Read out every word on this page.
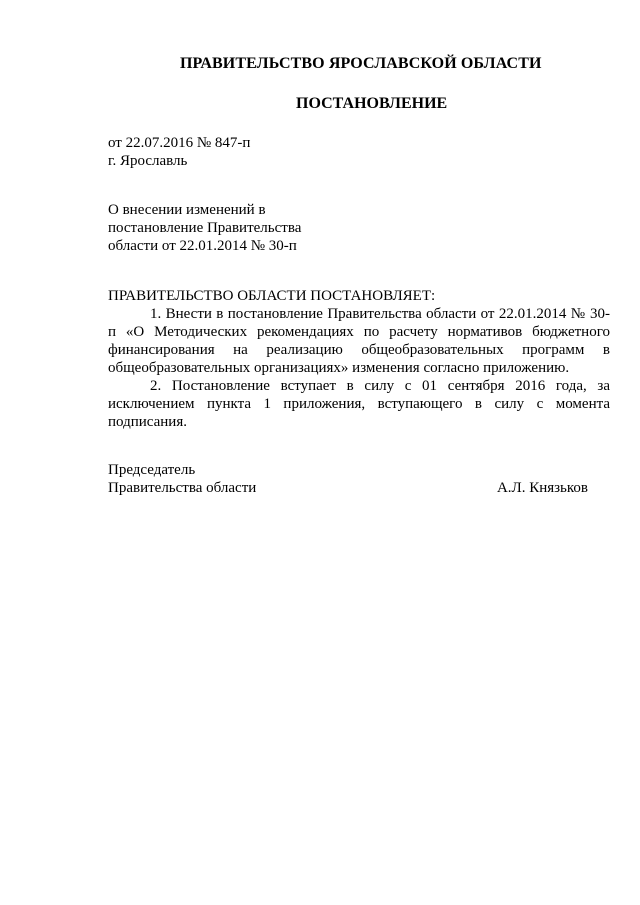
ПРАВИТЕЛЬСТВО ЯРОСЛАВСКОЙ ОБЛАСТИ
ПОСТАНОВЛЕНИЕ
от 22.07.2016 № 847-п
г. Ярославль
О внесении изменений в
постановление Правительства
области от 22.01.2014 № 30-п

ПРАВИТЕЛЬСТВО ОБЛАСТИ ПОСТАНОВЛЯЕТ:

1. Внести в постановление Правительства области от 22.01.2014 № 30-п «О Методических рекомендациях по расчету нормативов бюджетного финансирования на реализацию общеобразовательных программ в общеобразовательных организациях» изменения согласно приложению.

2. Постановление вступает в силу с 01 сентября 2016 года, за исключением пункта 1 приложения, вступающего в силу с момента подписания.

Председатель
Правительства области	А.Л. Князьков
